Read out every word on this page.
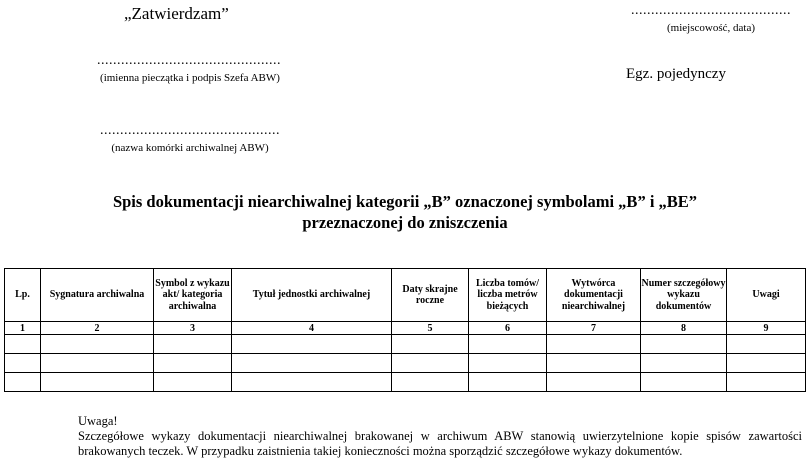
„Zatwierdzam”	........................................
(miejscowość, data)
..............................................
(imienna pieczątka i podpis Szefa ABW)	Egz. pojedynczy
.............................................
(nazwa komórki archiwalnej ABW)
Spis dokumentacji niearchiwalnej kategorii „B” oznaczonej symbolami „B” i „BE”
przeznaczonej do zniszczenia
Lp.	Sygnatura archiwalna	Symbol z wykazu akt/ kategoria archiwalna	Tytuł jednostki archiwalnej	Daty skrajne roczne	Liczba tomów/ liczba metrów bieżących	Wytwórca dokumentacji niearchiwalnej	Numer szczegółowy wykazu dokumentów	Uwagi
1	2	3	4	5	6	7	8	9

Uwaga!
Szczegółowe wykazy dokumentacji niearchiwalnej brakowanej w archiwum ABW stanowią uwierzytelnione kopie spisów zawartości brakowanych teczek. W przypadku zaistnienia takiej konieczności można sporządzić szczegółowe wykazy dokumentów.
